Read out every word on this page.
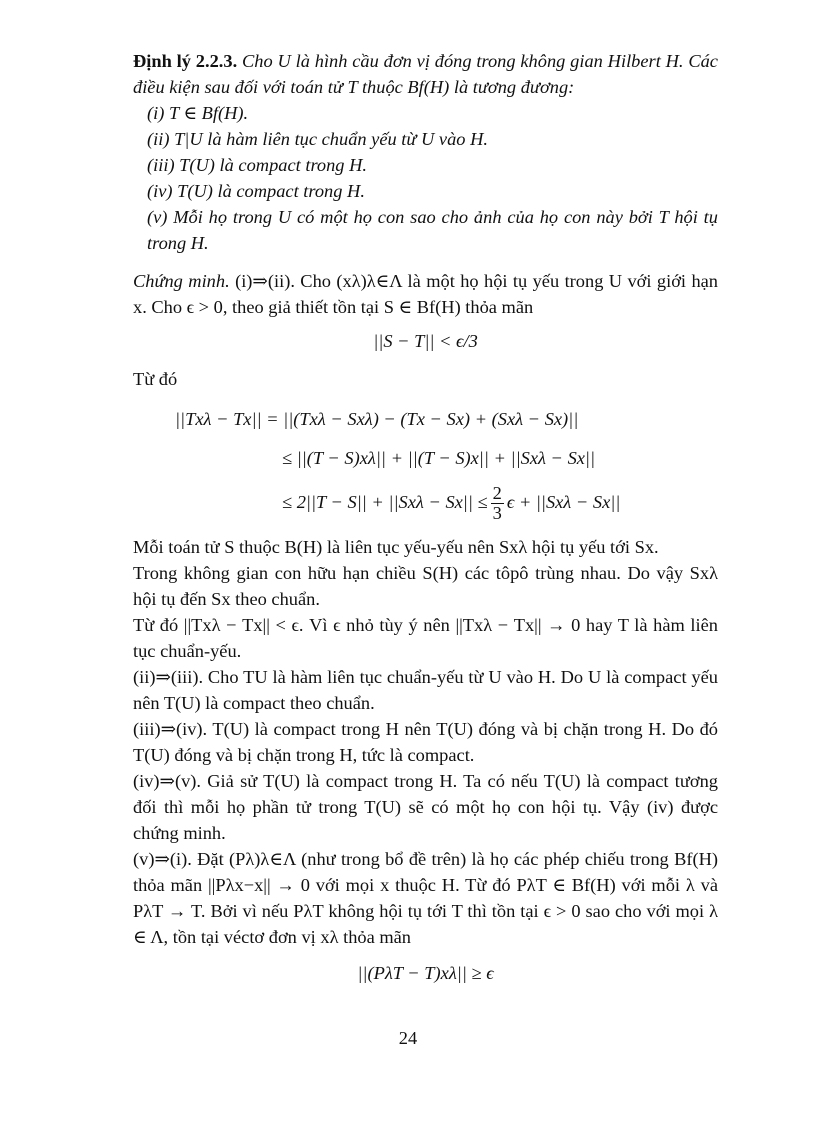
Định lý 2.2.3. Cho U là hình cầu đơn vị đóng trong không gian Hilbert H. Các điều kiện sau đối với toán tử T thuộc Bf(H) là tương đương:

(i) T ∈ Bf(H).

(ii) T|U là hàm liên tục chuẩn yếu từ U vào H.

(iii) T(U) là compact trong H.

(iv) T(U) là compact trong H.

(v) Mỗi họ trong U có một họ con sao cho ảnh của họ con này bởi T hội tụ trong H.

Chứng minh. (i)⇒(ii). Cho (xλ)λ∈Λ là một họ hội tụ yếu trong U với giới hạn x. Cho ϵ > 0, theo giả thiết tồn tại S ∈ Bf(H) thỏa mãn

||S − T|| < ϵ/3

Từ đó

||Txλ − Tx|| = ||(Txλ − Sxλ) − (Tx − Sx) + (Sxλ − Sx)||

≤ ||(T − S)xλ|| + ||(T − S)x|| + ||Sxλ − Sx||

≤ $2||T - S|| + ||Sx\lambda - Sx|| \le \frac{2}{3}$ ϵ + ||Sxλ − Sx||

Mỗi toán tử S thuộc B(H) là liên tục yếu-yếu nên Sxλ hội tụ yếu tới Sx.

Trong không gian con hữu hạn chiều S(H) các tôpô trùng nhau. Do vậy Sxλ hội tụ đến Sx theo chuẩn.

Từ đó ||Txλ − Tx|| < ϵ. Vì ϵ nhỏ tùy ý nên ||Txλ − Tx|| → 0 hay T là hàm liên tục chuẩn-yếu.

(ii)⇒(iii). Cho TU là hàm liên tục chuẩn-yếu từ U vào H. Do U là compact yếu nên T(U) là compact theo chuẩn.

(iii)⇒(iv). T(U) là compact trong H nên T(U) đóng và bị chặn trong H. Do đó T(U) đóng và bị chặn trong H, tức là compact.

(iv)⇒(v). Giả sử T(U) là compact trong H. Ta có nếu T(U) là compact tương đối thì mỗi họ phần tử trong T(U) sẽ có một họ con hội tụ. Vậy (iv) được chứng minh.

(v)⇒(i). Đặt (Pλ)λ∈Λ (như trong bổ đề trên) là họ các phép chiếu trong Bf(H) thỏa mãn ||Pλx−x|| → 0 với mọi x thuộc H. Từ đó PλT ∈ Bf(H) với mỗi λ và PλT → T. Bởi vì nếu PλT không hội tụ tới T thì tồn tại ϵ > 0 sao cho với mọi λ ∈ Λ, tồn tại véctơ đơn vị xλ thỏa mãn

||(PλT − T)xλ|| ≥ ϵ

24
